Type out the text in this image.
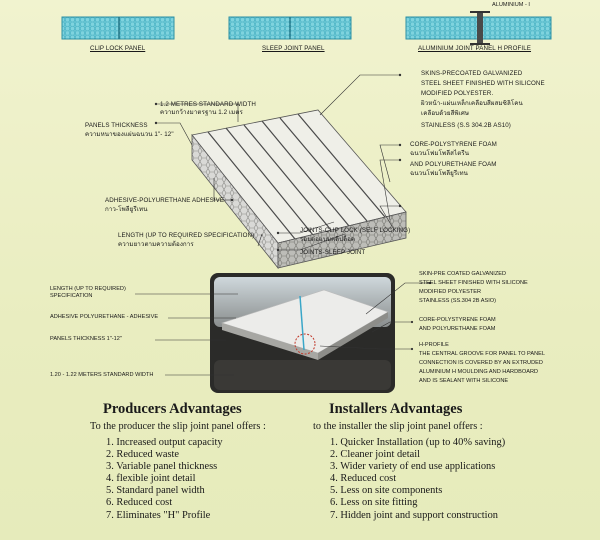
CLIP LOCK PANEL	SLEEP JOINT PANEL	ALUMINIUM JOINT PANEL H PROFILE
ALUMINIUM - I
1.2 METRES STANDARD WIDTH
ความกว้างมาตรฐาน 1.2 เมตร
PANELS THICKNESS
ความหนาของแผ่นฉนวน 1"- 12"
SKINS-PRECOATED GALVANIZED
STEEL SHEET FINISHED WITH SILICONE
MODIFIED POLYESTER.
ผิวหน้า-แผ่นเหล็กเคลือบสีผสมซิลิโคน
เคลือบด้วยสีพิเศษ
STAINLESS (S.S 304.2B AS10)
CORE-POLYSTYRENE FOAM
ฉนวนโฟมโพลีสไตรีน
AND POLYURETHANE FOAM
ฉนวนโฟมโพลียูรีเทน
ADHESIVE-POLYURETHANE ADHESIVE
กาว-โพลียูรีเทน
LENGTH (UP TO REQUIRED SPECIFICATION)
ความยาวตามความต้องการ
JOINTS-CLIP LOCK (SELF LOCKING)
รอยต่อแบบคลิปล็อค
JOINTS-SLEEP JOINT
LENGTH (UP TO REQUIRED) SPECIFICATION
ADHESIVE POLYURETHANE - ADHESIVE
PANELS THICKNESS 1"-12"
1.20 - 1.22 METERS STANDARD WIDTH
SKIN-PRE COATED GALVANIZED
STEEL SHEET FINISHED WITH SILICONE
MODIFIED POLYESTER
STAINLESS (SS.304 2B ASIO)
CORE-POLYSTYRENE FOAM
AND POLYURETHANE FOAM
H-PROFILE
THE CENTRAL GROOVE FOR PANEL TO PANEL
CONNECTION IS COVERED BY AN EXTRUDED
ALUMINIUM H MOULDING AND HARDBOARD
AND IS SEALANT WITH SILICONE
Producers Advantages
To the producer the slip joint panel offers :
1. Increased output capacity
2. Reduced waste
3. Variable panel thickness
4. flexible joint detail
5. Standard panel width
6. Reduced cost
7. Eliminates "H" Profile
Installers Advantages
to the installer the slip joint panel offers :
1. Quicker Installation (up to 40% saving)
2. Cleaner joint detail
3. Wider variety of end use applications
4. Reduced cost
5. Less on site components
6. Less on site fitting
7. Hidden joint and support construction
